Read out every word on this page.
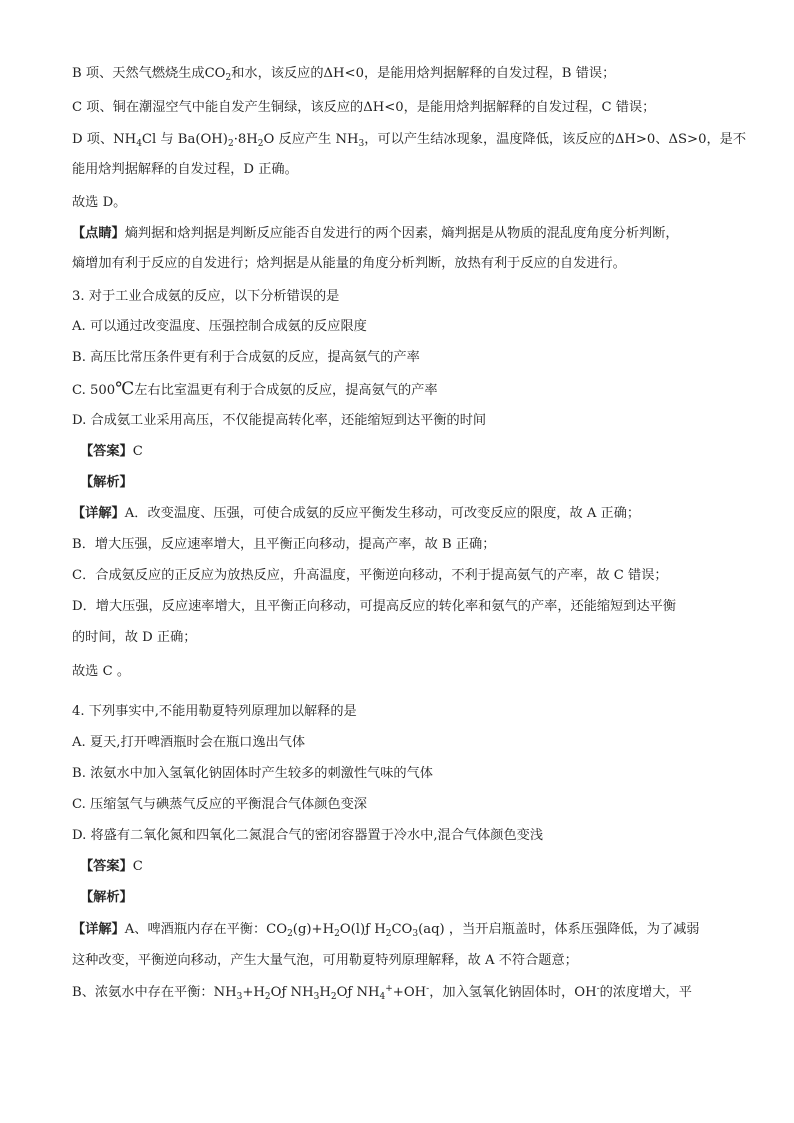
B 项、天然气燃烧生成$CO_2$和水，该反应的ΔH<0，是能用焓判据解释的自发过程，B 错误；
C 项、铜在潮湿空气中能自发产生铜绿，该反应的ΔH<0，是能用焓判据解释的自发过程，C 错误；
D 项、$NH_4Cl$ 与 $Ba(OH)_2\cdot 8H_2O$ 反应产生 $NH_3$，可以产生结冰现象，温度降低，该反应的ΔH>0、ΔS>0，是不
能用焓判据解释的自发过程，D 正确。
故选 D。
【点睛】熵判据和焓判据是判断反应能否自发进行的两个因素，熵判据是从物质的混乱度角度分析判断，
熵增加有利于反应的自发进行；焓判据是从能量的角度分析判断，放热有利于反应的自发进行。
3. 对于工业合成氨的反应，以下分析错误的是
A. 可以通过改变温度、压强控制合成氨的反应限度
B. 高压比常压条件更有利于合成氨的反应，提高氨气的产率
C. 500℃左右比室温更有利于合成氨的反应，提高氨气的产率
D. 合成氨工业采用高压，不仅能提高转化率，还能缩短到达平衡的时间
【答案】C
【解析】
【详解】A．改变温度、压强，可使合成氨的反应平衡发生移动，可改变反应的限度，故 A 正确；
B．增大压强，反应速率增大，且平衡正向移动，提高产率，故 B 正确；
C．合成氨反应的正反应为放热反应，升高温度，平衡逆向移动，不利于提高氨气的产率，故 C 错误；
D．增大压强，反应速率增大，且平衡正向移动，可提高反应的转化率和氨气的产率，还能缩短到达平衡
的时间，故 D 正确；
故选 C 。
4. 下列事实中,不能用勒夏特列原理加以解释的是
A. 夏天,打开啤酒瓶时会在瓶口逸出气体
B. 浓氨水中加入氢氧化钠固体时产生较多的刺激性气味的气体
C. 压缩氢气与碘蒸气反应的平衡混合气体颜色变深
D. 将盛有二氧化氮和四氧化二氮混合气的密闭容器置于冷水中,混合气体颜色变浅
【答案】C
【解析】
【详解】A、啤酒瓶内存在平衡：$CO_2(g)+H_2O(l)ƒ$ $H_2CO_3(aq)$ ，当开启瓶盖时，体系压强降低，为了减弱
这种改变，平衡逆向移动，产生大量气泡，可用勒夏特列原理解释，故 A 不符合题意；
B、浓氨水中存在平衡：$NH_3+H_2Oƒ$ $NH_3H_2Oƒ$ $NH_4^++OH^-$，加入氢氧化钠固体时，OH-的浓度增大，平
